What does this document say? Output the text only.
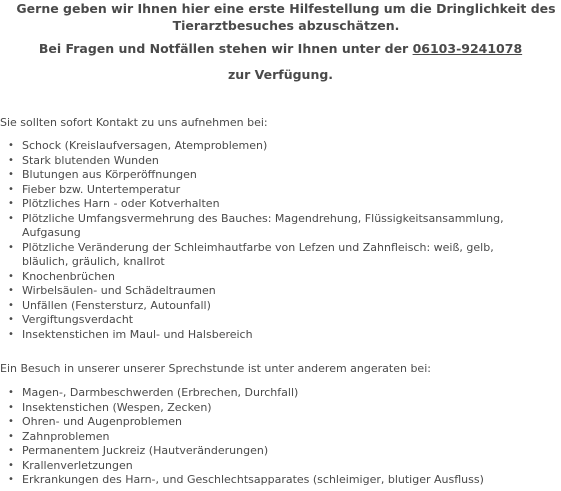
Gerne geben wir Ihnen hier eine erste Hilfestellung um die Dringlichkeit des Tierarztbesuches abzuschätzen.
Bei Fragen und Notfällen stehen wir Ihnen unter der 06103-9241078
zur Verfügung.
Sie sollten sofort Kontakt zu uns aufnehmen bei:
• Schock (Kreislaufversagen, Atemproblemen)
• Stark blutenden Wunden
• Blutungen aus Körperöffnungen
• Fieber bzw. Untertemperatur
• Plötzliches Harn - oder Kotverhalten
• Plötzliche Umfangsvermehrung des Bauches: Magendrehung, Flüssigkeitsansammlung, Aufgasung
• Plötzliche Veränderung der Schleimhautfarbe von Lefzen und Zahnfleisch: weiß, gelb, bläulich, gräulich, knallrot
• Knochenbrüchen
• Wirbelsäulen- und Schädeltraumen
• Unfällen (Fenstersturz, Autounfall)
• Vergiftungsverdacht
• Insektenstichen im Maul- und Halsbereich
Ein Besuch in unserer unserer Sprechstunde ist unter anderem angeraten bei:
• Magen-, Darmbeschwerden (Erbrechen, Durchfall)
• Insektenstichen (Wespen, Zecken)
• Ohren- und Augenproblemen
• Zahnproblemen
• Permanentem Juckreiz (Hautveränderungen)
• Krallenverletzungen
• Erkrankungen des Harn-, und Geschlechtsapparates (schleimiger, blutiger Ausfluss)
